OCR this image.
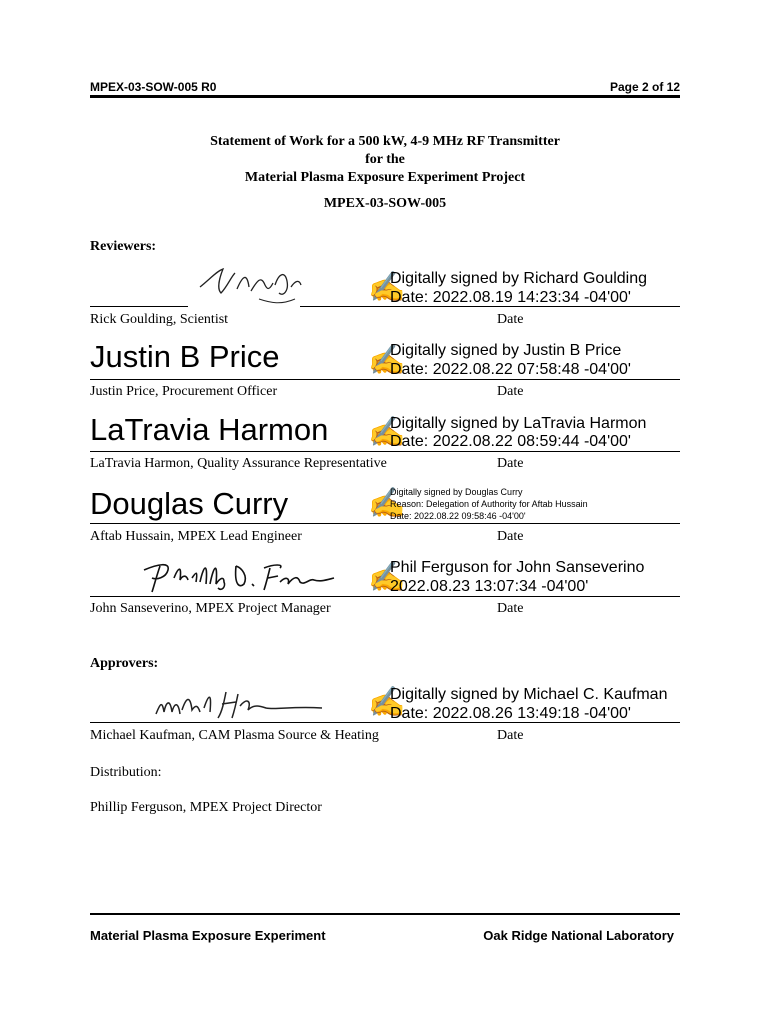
MPEX-03-SOW-005 R0	Page 2 of 12
Statement of Work for a 500 kW, 4-9 MHz RF Transmitter
for the
Material Plasma Exposure Experiment Project
MPEX-03-SOW-005
Reviewers:
✍
Digitally signed by Richard Goulding
Date: 2022.08.19 14:23:34 -04'00'
Rick Goulding, Scientist	Date
Justin B Price	✍
Digitally signed by Justin B Price
Date: 2022.08.22 07:58:48 -04'00'
Justin Price, Procurement Officer	Date
LaTravia Harmon ✍
Digitally signed by LaTravia Harmon
Date: 2022.08.22 08:59:44 -04'00'
LaTravia Harmon, Quality Assurance Representative	Date
Douglas Curry	✍
Digitally signed by Douglas Curry
Reason: Delegation of Authority for Aftab Hussain
Date: 2022.08.22 09:58:46 -04'00'
Aftab Hussain, MPEX Lead Engineer	Date
✍
Phil Ferguson for John Sanseverino
2022.08.23 13:07:34 -04'00'
John Sanseverino, MPEX Project Manager	Date
Approvers:
✍
Digitally signed by Michael C. Kaufman
Date: 2022.08.26 13:49:18 -04'00'
Michael Kaufman, CAM Plasma Source & Heating	Date
Distribution:
Phillip Ferguson, MPEX Project Director
Material Plasma Exposure Experiment	Oak Ridge National Laboratory
